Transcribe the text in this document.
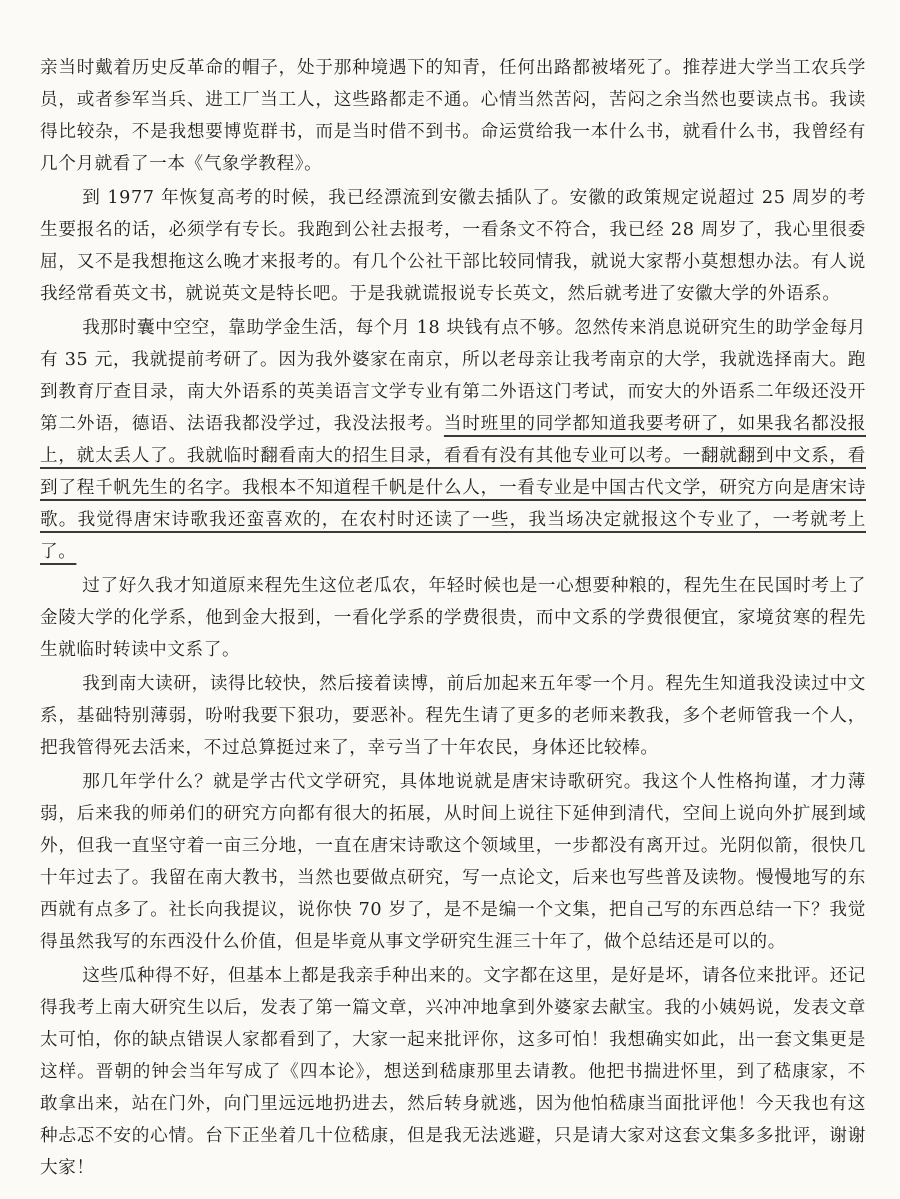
亲当时戴着历史反革命的帽子，处于那种境遇下的知青，任何出路都被堵死了。推荐进大学当工农兵学员，或者参军当兵、进工厂当工人，这些路都走不通。心情当然苦闷，苦闷之余当然也要读点书。我读得比较杂，不是我想要博览群书，而是当时借不到书。命运赏给我一本什么书，就看什么书，我曾经有几个月就看了一本《气象学教程》。

到 1977 年恢复高考的时候，我已经漂流到安徽去插队了。安徽的政策规定说超过 25 周岁的考生要报名的话，必须学有专长。我跑到公社去报考，一看条文不符合，我已经 28 周岁了，我心里很委屈，又不是我想拖这么晚才来报考的。有几个公社干部比较同情我，就说大家帮小莫想想办法。有人说我经常看英文书，就说英文是特长吧。于是我就谎报说专长英文，然后就考进了安徽大学的外语系。

我那时囊中空空，靠助学金生活，每个月 18 块钱有点不够。忽然传来消息说研究生的助学金每月有 35 元，我就提前考研了。因为我外婆家在南京，所以老母亲让我考南京的大学，我就选择南大。跑到教育厅查目录，南大外语系的英美语言文学专业有第二外语这门考试，而安大的外语系二年级还没开第二外语，德语、法语我都没学过，我没法报考。当时班里的同学都知道我要考研了，如果我名都没报上，就太丢人了。我就临时翻看南大的招生目录，看看有没有其他专业可以考。一翻就翻到中文系，看到了程千帆先生的名字。我根本不知道程千帆是什么人，一看专业是中国古代文学，研究方向是唐宋诗歌。我觉得唐宋诗歌我还蛮喜欢的，在农村时还读了一些，我当场决定就报这个专业了，一考就考上了。

过了好久我才知道原来程先生这位老瓜农，年轻时候也是一心想要种粮的，程先生在民国时考上了金陵大学的化学系，他到金大报到，一看化学系的学费很贵，而中文系的学费很便宜，家境贫寒的程先生就临时转读中文系了。

我到南大读研，读得比较快，然后接着读博，前后加起来五年零一个月。程先生知道我没读过中文系，基础特别薄弱，吩咐我要下狠功，要恶补。程先生请了更多的老师来教我，多个老师管我一个人，把我管得死去活来，不过总算挺过来了，幸亏当了十年农民，身体还比较棒。

那几年学什么？就是学古代文学研究，具体地说就是唐宋诗歌研究。我这个人性格拘谨，才力薄弱，后来我的师弟们的研究方向都有很大的拓展，从时间上说往下延伸到清代，空间上说向外扩展到域外，但我一直坚守着一亩三分地，一直在唐宋诗歌这个领域里，一步都没有离开过。光阴似箭，很快几十年过去了。我留在南大教书，当然也要做点研究，写一点论文，后来也写些普及读物。慢慢地写的东西就有点多了。社长向我提议，说你快 70 岁了，是不是编一个文集，把自己写的东西总结一下？我觉得虽然我写的东西没什么价值，但是毕竟从事文学研究生涯三十年了，做个总结还是可以的。

这些瓜种得不好，但基本上都是我亲手种出来的。文字都在这里，是好是坏，请各位来批评。还记得我考上南大研究生以后，发表了第一篇文章，兴冲冲地拿到外婆家去献宝。我的小姨妈说，发表文章太可怕，你的缺点错误人家都看到了，大家一起来批评你，这多可怕！我想确实如此，出一套文集更是这样。晋朝的钟会当年写成了《四本论》，想送到嵇康那里去请教。他把书揣进怀里，到了嵇康家，不敢拿出来，站在门外，向门里远远地扔进去，然后转身就逃，因为他怕嵇康当面批评他！今天我也有这种忐忑不安的心情。台下正坐着几十位嵇康，但是我无法逃避，只是请大家对这套文集多多批评，谢谢大家！
